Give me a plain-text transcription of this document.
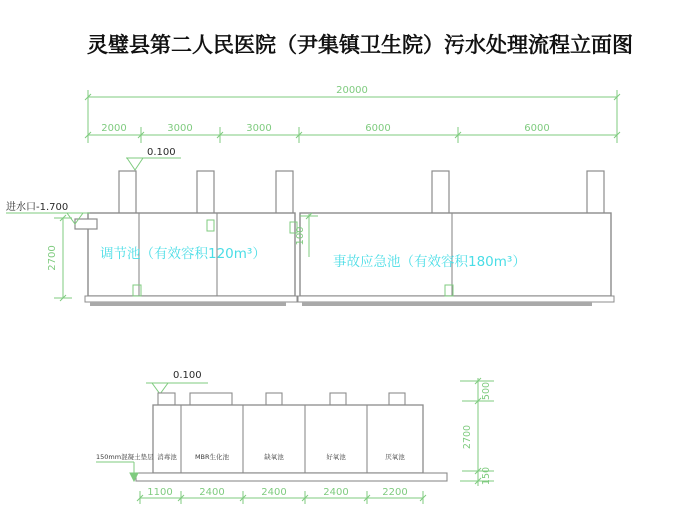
灵璧县第二人民医院（尹集镇卫生院）污水处理流程立面图
20000
2000	3000	3000	6000	6000
0.100
进水口-1.700
2700
100
调节池（有效容积120m³）	事故应急池（有效容积180m³）
0.100
消毒池	MBR生化池	缺氧池	好氧池	厌氧池
150mm混凝土垫层
1100	2400	2400	2400	2200
500
2700
150
